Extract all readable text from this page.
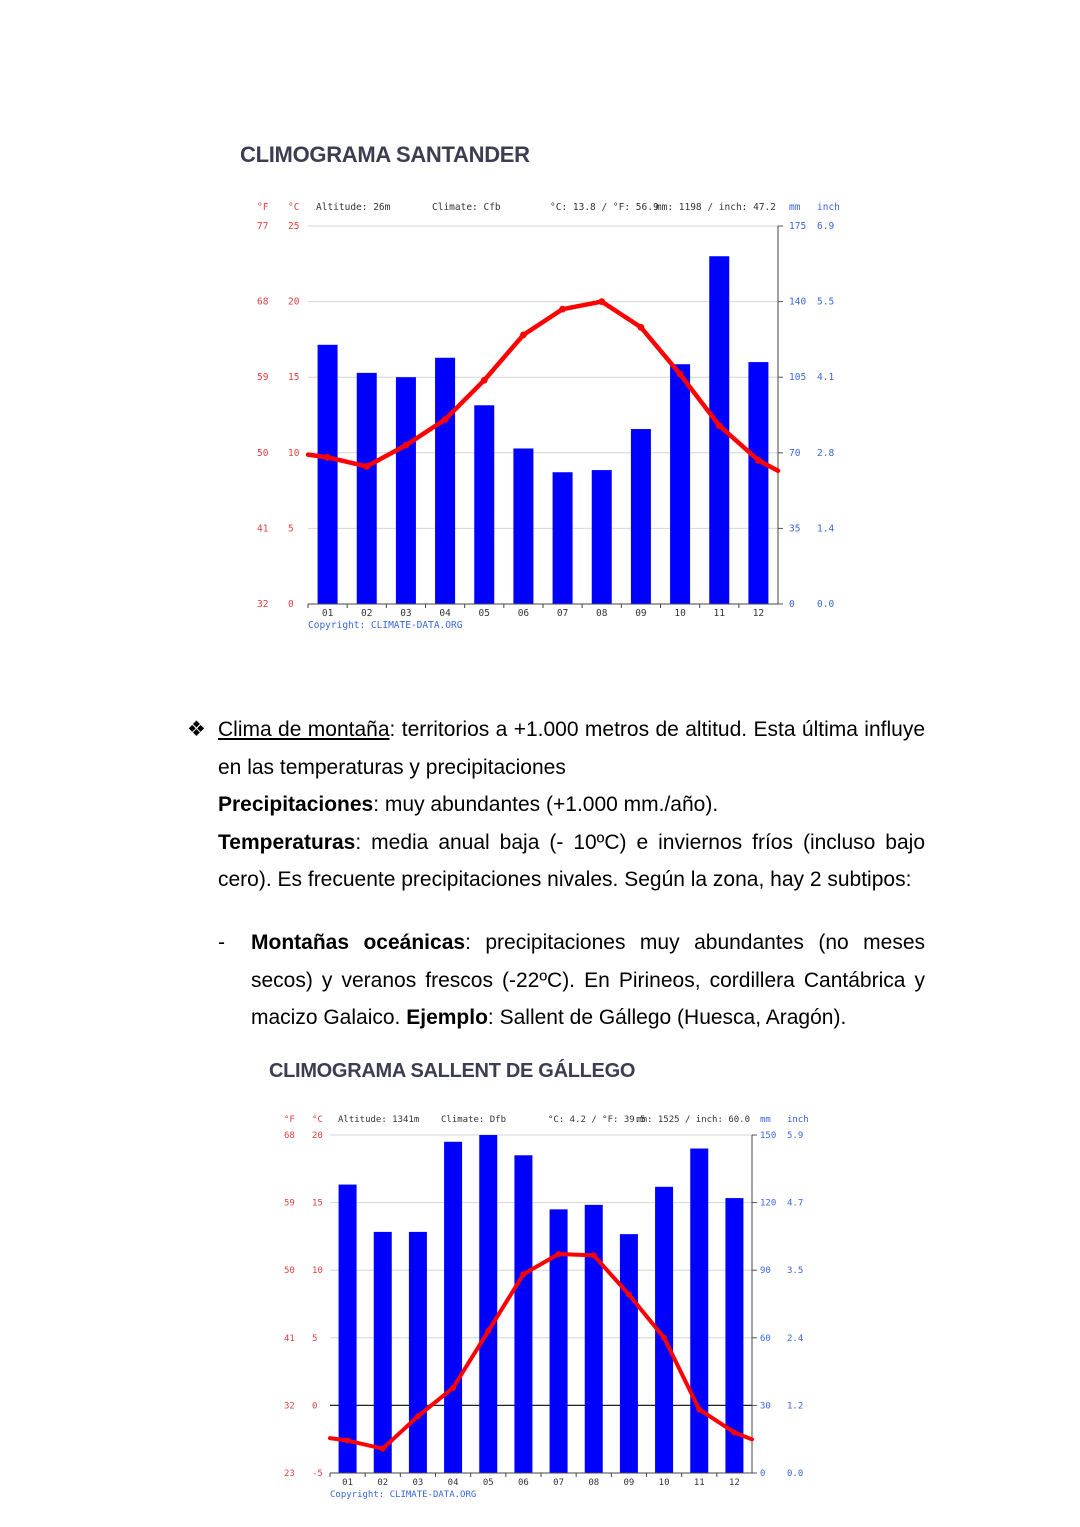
CLIMOGRAMA SANTANDER
°F °C Altitude: 26m	Climate: Cfb	°C: 13.8 / °F: 56.9
mm: 1198 / inch: 47.2 mm inch
32 0
41 5
50 10
59 15
68 20
77 25
0 0.0
35 1.4
70 2.8
105 4.1
140 5.5
175 6.9
01	02	03	04	05	06	07	08	09	10	11	12
Copyright: CLIMATE-DATA.ORG
❖ Clima de montaña: territorios a +1.000 metros de altitud. Esta última influye en las temperaturas y precipitaciones
Precipitaciones: muy abundantes (+1.000 mm./año).
Temperaturas: media anual baja (- 10ºC) e inviernos fríos (incluso bajo cero). Es frecuente precipitaciones nivales. Según la zona, hay 2 subtipos:
- Montañas oceánicas: precipitaciones muy abundantes (no meses secos) y veranos frescos (-22ºC). En Pirineos, cordillera Cantábrica y macizo Galaico. Ejemplo: Sallent de Gállego (Huesca, Aragón).
CLIMOGRAMA SALLENT DE GÁLLEGO
°F °C Altitude: 1341m Climate: Dfb	°C: 4.2 / °F: 39.5
mm: 1525 / inch: 60.0 mm inch
23 -5
32 0
41 5
50 10
59 15
68 20
0 0.0
30 1.2
60 2.4
90 3.5
120 4.7
150 5.9
01	02	03	04	05	06	07	08	09	10	11	12
Copyright: CLIMATE-DATA.ORG
